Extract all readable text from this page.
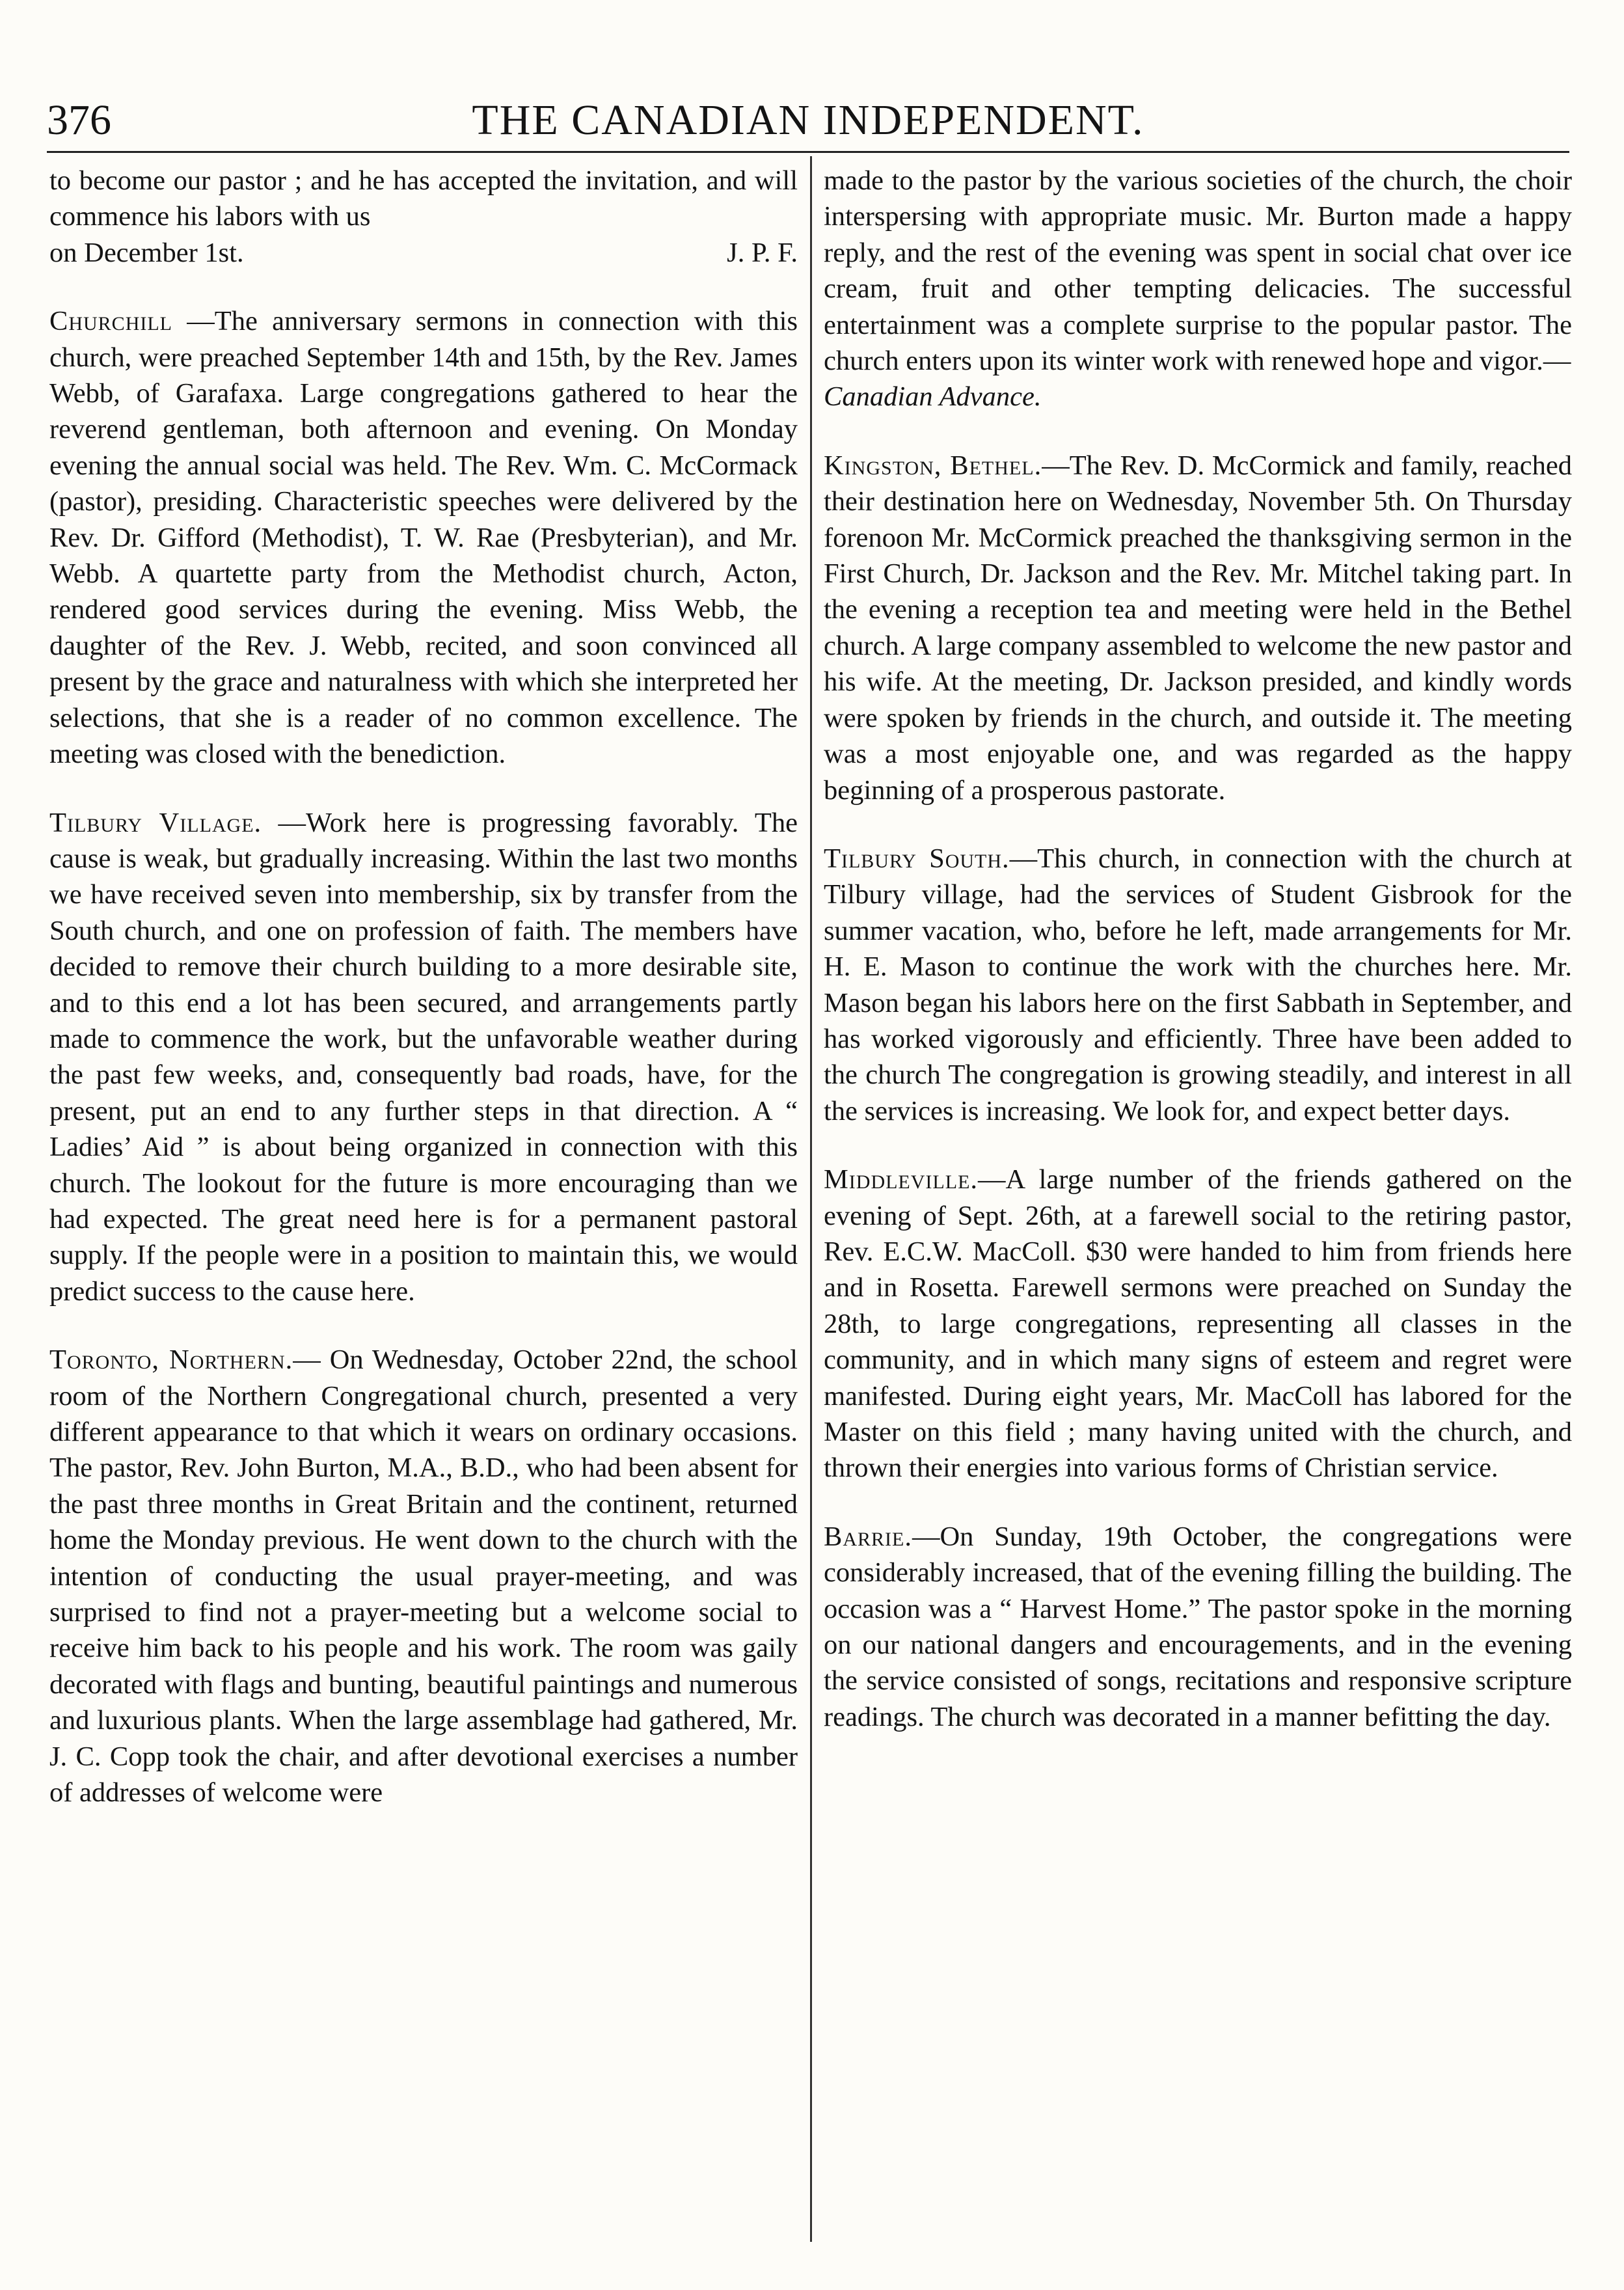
376	THE CANADIAN INDEPENDENT.
to become our pastor ; and he has accepted the invitation, and will commence his labors with us
on December 1st.	J. P. F.

Churchill —The anniversary sermons in connection with this church, were preached September 14th and 15th, by the Rev. James Webb, of Garafaxa. Large congregations gathered to hear the reverend gentleman, both afternoon and evening. On Monday evening the annual social was held. The Rev. Wm. C. McCormack (pastor), presiding. Characteristic speeches were delivered by the Rev. Dr. Gifford (Methodist), T. W. Rae (Presbyterian), and Mr. Webb. A quartette party from the Methodist church, Acton, rendered good services during the evening. Miss Webb, the daughter of the Rev. J. Webb, recited, and soon convinced all present by the grace and naturalness with which she interpreted her selections, that she is a reader of no common excellence. The meeting was closed with the benediction.

Tilbury Village. —Work here is progressing favorably. The cause is weak, but gradually increasing. Within the last two months we have received seven into membership, six by transfer from the South church, and one on profession of faith. The members have decided to remove their church building to a more desirable site, and to this end a lot has been secured, and arrangements partly made to commence the work, but the unfavorable weather during the past few weeks, and, consequently bad roads, have, for the present, put an end to any further steps in that direction. A “ Ladies’ Aid ” is about being organized in connection with this church. The lookout for the future is more encouraging than we had expected. The great need here is for a permanent pastoral supply. If the people were in a position to maintain this, we would predict success to the cause here.

Toronto, Northern.— On Wednesday, October 22nd, the school room of the Northern Congregational church, presented a very different appearance to that which it wears on ordinary occasions. The pastor, Rev. John Burton, M.A., B.D., who had been absent for the past three months in Great Britain and the continent, returned home the Monday previous. He went down to the church with the intention of conducting the usual prayer-meeting, and was surprised to find not a prayer-meeting but a welcome social to receive him back to his people and his work. The room was gaily decorated with flags and bunting, beautiful paintings and numerous and luxurious plants. When the large assemblage had gathered, Mr. J. C. Copp took the chair, and after devotional exercises a number of addresses of welcome were

made to the pastor by the various societies of the church, the choir interspersing with appropriate music. Mr. Burton made a happy reply, and the rest of the evening was spent in social chat over ice cream, fruit and other tempting delicacies. The successful entertainment was a complete surprise to the popular pastor. The church enters upon its winter work with renewed hope and vigor.—
Canadian Advance.

Kingston, Bethel.—The Rev. D. McCormick and family, reached their destination here on Wednesday, November 5th. On Thursday forenoon Mr. McCormick preached the thanksgiving sermon in the First Church, Dr. Jackson and the Rev. Mr. Mitchel taking part. In the evening a reception tea and meeting were held in the Bethel church. A large company assembled to welcome the new pastor and his wife. At the meeting, Dr. Jackson presided, and kindly words were spoken by friends in the church, and outside it. The meeting was a most enjoyable one, and was regarded as the happy beginning of a prosperous pastorate.

Tilbury South.—This church, in connection with the church at Tilbury village, had the services of Student Gisbrook for the summer vacation, who, before he left, made arrangements for Mr. H. E. Mason to continue the work with the churches here. Mr. Mason began his labors here on the first Sabbath in September, and has worked vigorously and efficiently. Three have been added to the church The congregation is growing steadily, and interest in all the services is increasing. We look for, and expect better days.

Middleville.—A large number of the friends gathered on the evening of Sept. 26th, at a farewell social to the retiring pastor, Rev. E.C.W. MacColl. $30 were handed to him from friends here and in Rosetta. Farewell sermons were preached on Sunday the 28th, to large congregations, representing all classes in the community, and in which many signs of esteem and regret were manifested. During eight years, Mr. MacColl has labored for the Master on this field ; many having united with the church, and thrown their energies into various forms of Christian service.

Barrie.—On Sunday, 19th October, the congregations were considerably increased, that of the evening filling the building. The occasion was a “ Harvest Home.” The pastor spoke in the morning on our national dangers and encouragements, and in the evening the service consisted of songs, recitations and responsive scripture readings. The church was decorated in a manner befitting the day.
